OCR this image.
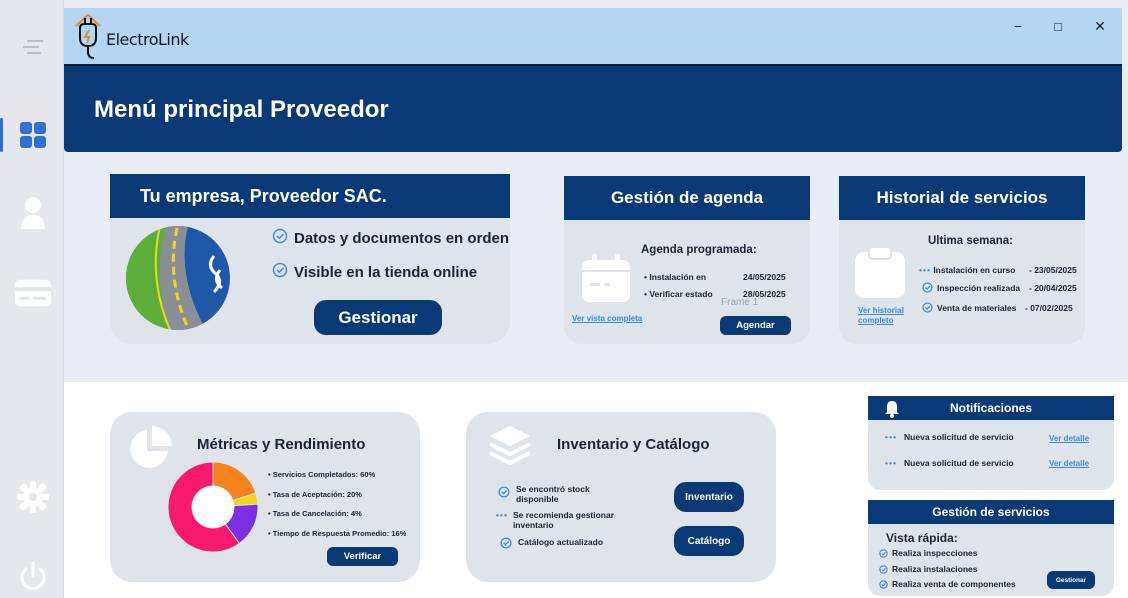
ElectroLink
−	□	✕
Menú principal Proveedor
Tu empresa, Proveedor SAC.
Datos y documentos en orden
Visible en la tienda online
Gestionar
Gestión de agenda
Agenda programada:
• Instalación en	24/05/2025
• Verificar estado	28/05/2025
Frame 1
Ver vista completa
Agendar
Historial de servicios
Ultima semana:
••• Instalación en curso - 23/05/2025
Inspección realizada - 20/04/2025
Venta de materiales - 07/02/2025
Ver historial
completo
Métricas y Rendimiento
• Servicios Completados: 60%
• Tasa de Aceptación: 20%
• Tasa de Cancelación: 4%
• Tiempo de Respuesta Promedio: 16%
Verificar
Inventario y Catálogo
Se encontró stock
disponible
••• Se recomienda gestionar
inventario
Catálogo actualizado
Inventario
Catálogo
Notificaciones
••• Nueva solicitud de servicio	Ver detalle
••• Nueva solicitud de servicio	Ver detalle
Gestión de servicios
Vista rápida:
Realiza inspecciones
Realiza instalaciones
Realiza venta de componentes	Gestionar
